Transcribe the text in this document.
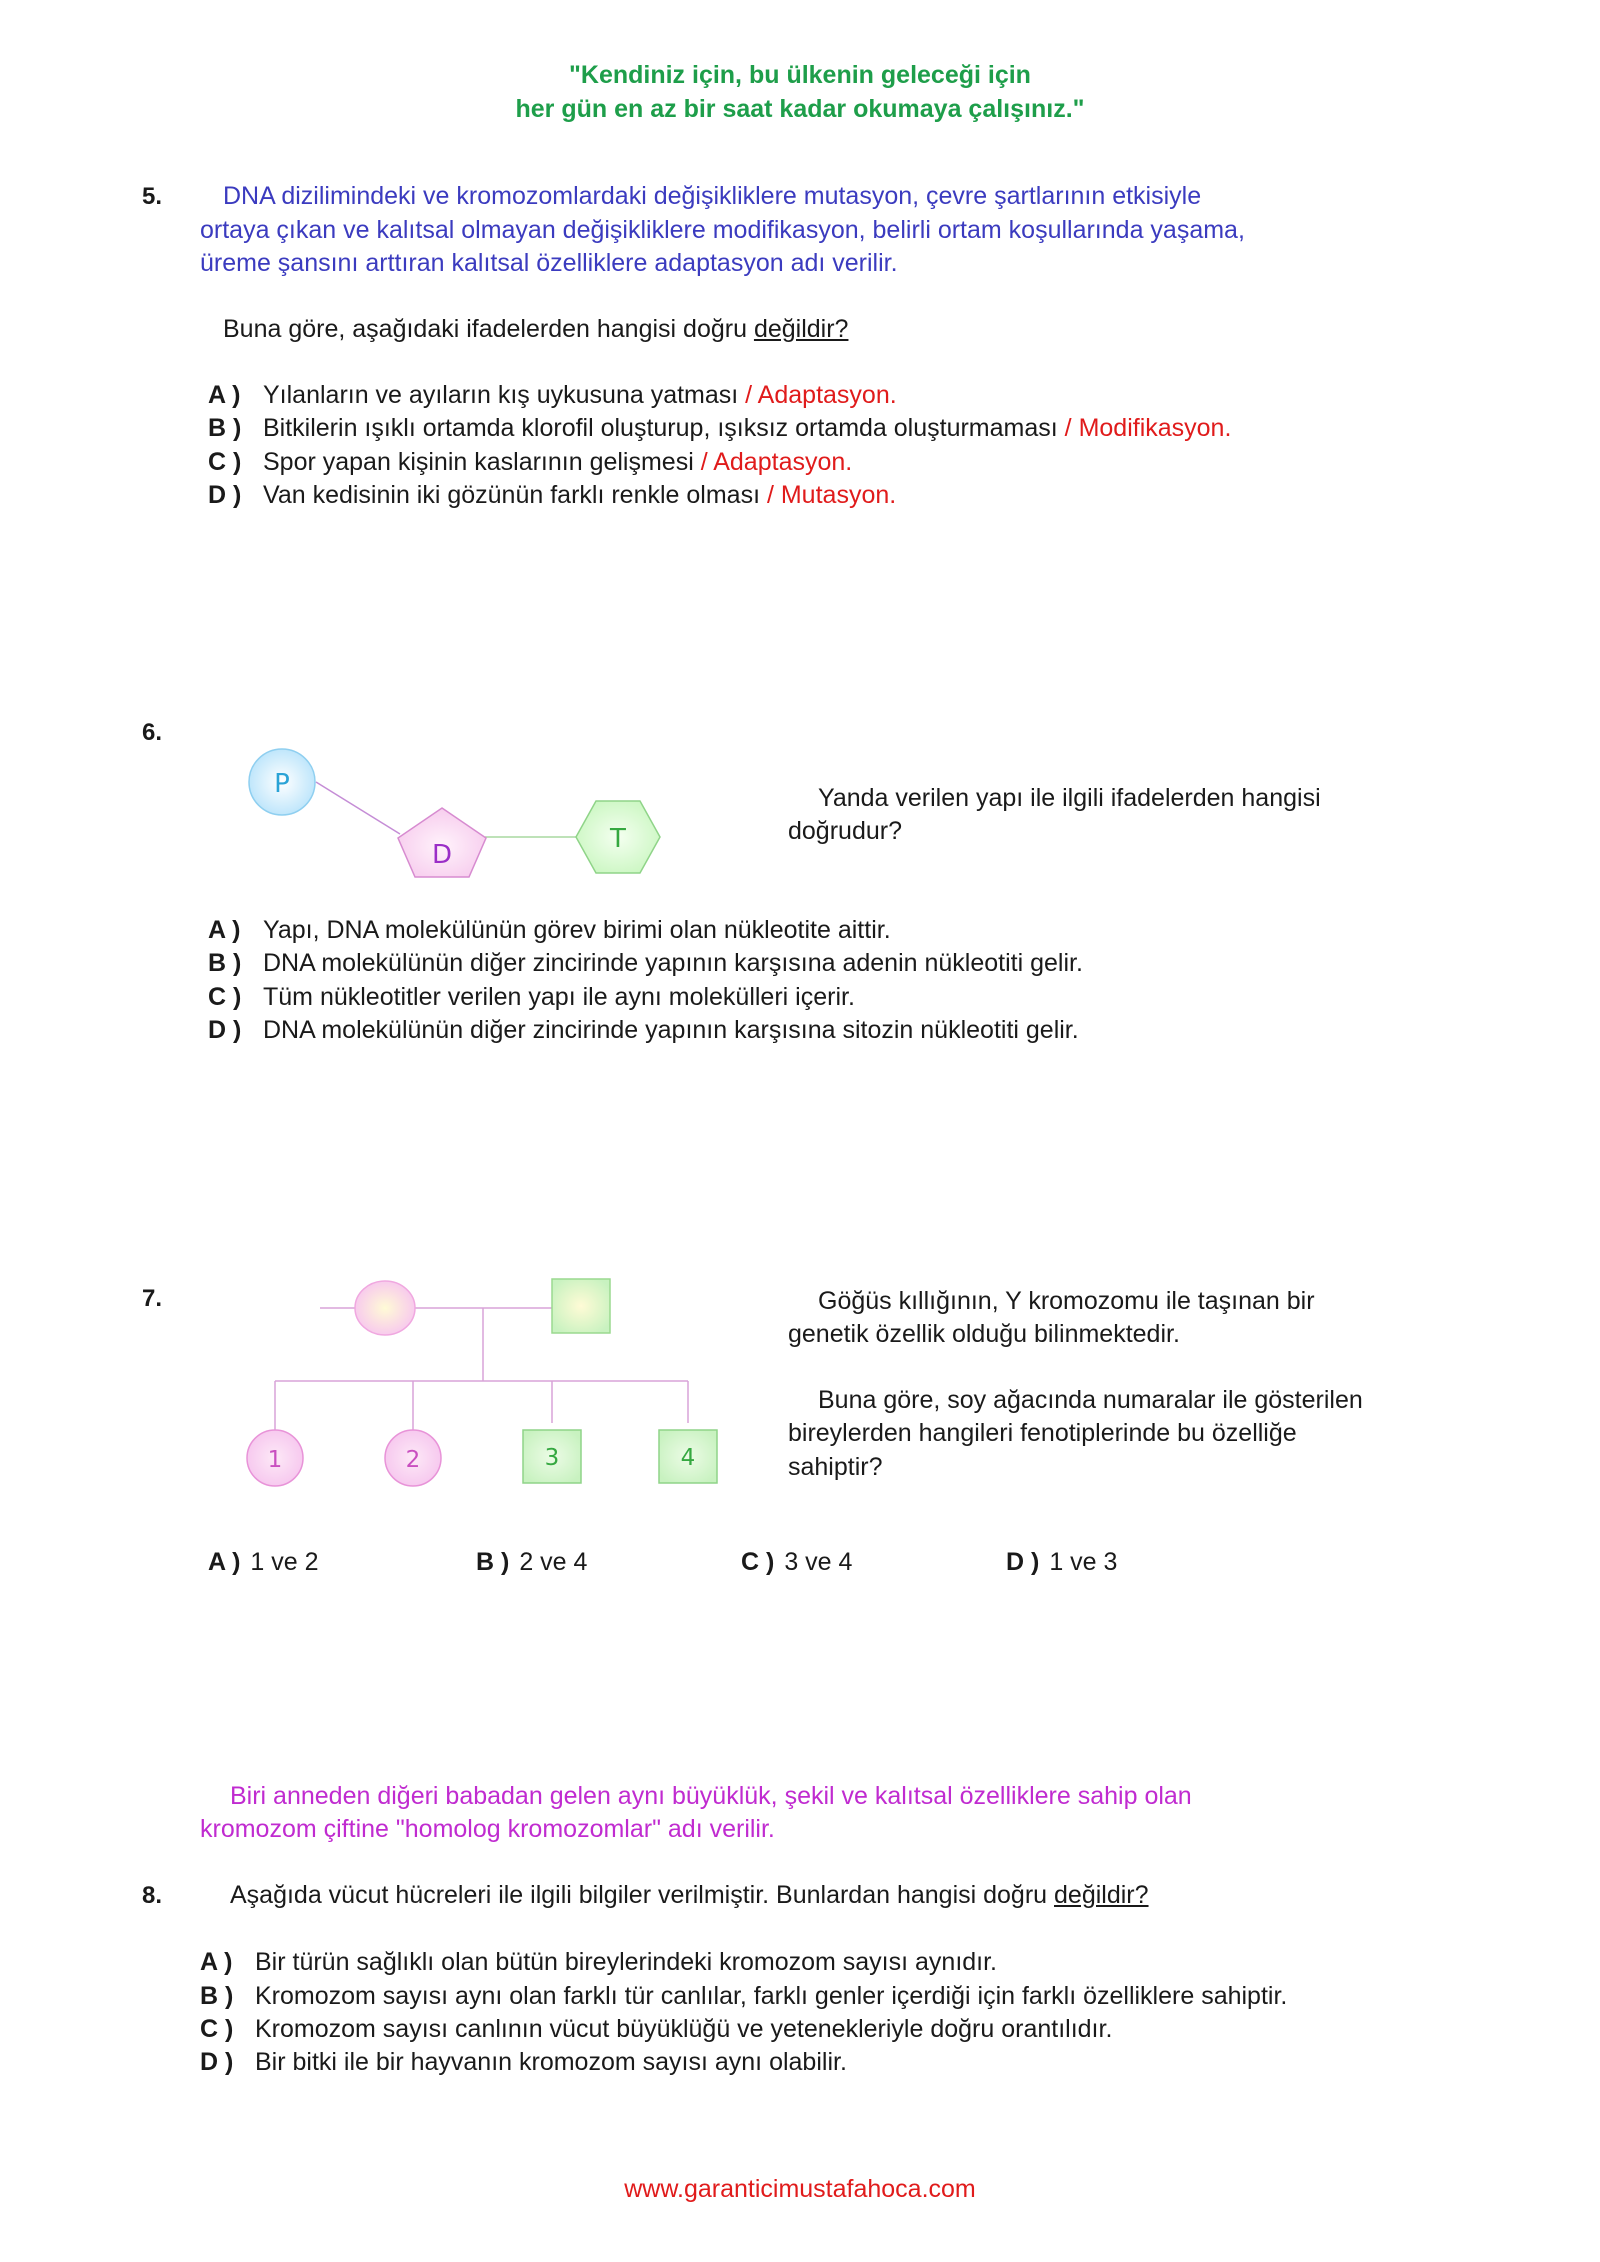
"Kendiniz için, bu ülkenin geleceği için
her gün en az bir saat kadar okumaya çalışınız."
5. DNA dizilimindeki ve kromozomlardaki değişikliklere mutasyon, çevre şartlarının etkisiyle
ortaya çıkan ve kalıtsal olmayan değişikliklere modifikasyon, belirli ortam koşullarında yaşama,
üreme şansını arttıran kalıtsal özelliklere adaptasyon adı verilir.
Buna göre, aşağıdaki ifadelerden hangisi doğru değildir?
A ) Yılanların ve ayıların kış uykusuna yatması / Adaptasyon.
B ) Bitkilerin ışıklı ortamda klorofil oluşturup, ışıksız ortamda oluşturmaması / Modifikasyon.
C ) Spor yapan kişinin kaslarının gelişmesi / Adaptasyon.
D ) Van kedisinin iki gözünün farklı renkle olması / Mutasyon.
6.
P
D
T
Yanda verilen yapı ile ilgili ifadelerden hangisi
doğrudur?
A ) Yapı, DNA molekülünün görev birimi olan nükleotite aittir.
B ) DNA molekülünün diğer zincirinde yapının karşısına adenin nükleotiti gelir.
C ) Tüm nükleotitler verilen yapı ile aynı molekülleri içerir.
D ) DNA molekülünün diğer zincirinde yapının karşısına sitozin nükleotiti gelir.
7.
1	2	3	4
Göğüs kıllığının, Y kromozomu ile taşınan bir
genetik özellik olduğu bilinmektedir.
Buna göre, soy ağacında numaralar ile gösterilen
bireylerden hangileri fenotiplerinde bu özelliğe
sahiptir?
A ) 1 ve 2	B ) 2 ve 4	C ) 3 ve 4	D ) 1 ve 3
Biri anneden diğeri babadan gelen aynı büyüklük, şekil ve kalıtsal özelliklere sahip olan
kromozom çiftine "homolog kromozomlar" adı verilir.
8.	Aşağıda vücut hücreleri ile ilgili bilgiler verilmiştir. Bunlardan hangisi doğru değildir?
A ) Bir türün sağlıklı olan bütün bireylerindeki kromozom sayısı aynıdır.
B ) Kromozom sayısı aynı olan farklı tür canlılar, farklı genler içerdiği için farklı özelliklere sahiptir.
C ) Kromozom sayısı canlının vücut büyüklüğü ve yetenekleriyle doğru orantılıdır.
D ) Bir bitki ile bir hayvanın kromozom sayısı aynı olabilir.
www.garanticimustafahoca.com
